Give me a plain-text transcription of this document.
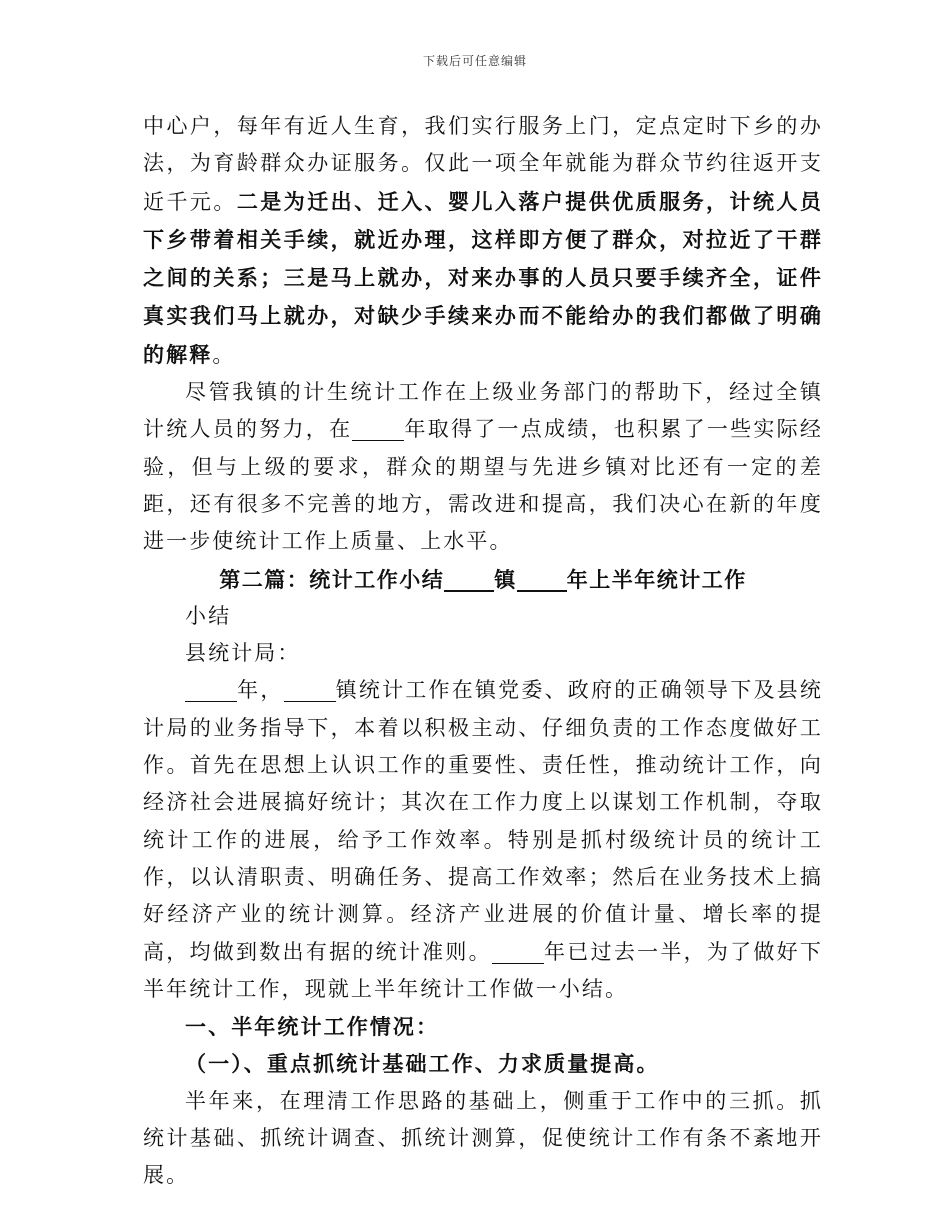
下载后可任意编辑

中心户，每年有近人生育，我们实行服务上门，定点定时下乡的办法，为育龄群众办证服务。仅此一项全年就能为群众节约往返开支近千元。二是为迁出、迁入、婴儿入落户提供优质服务，计统人员下乡带着相关手续，就近办理，这样即方便了群众，对拉近了干群之间的关系；三是马上就办，对来办事的人员只要手续齐全，证件真实我们马上就办，对缺少手续来办而不能给办的我们都做了明确的解释。

尽管我镇的计生统计工作在上级业务部门的帮助下，经过全镇计统人员的努力，在 年取得了一点成绩，也积累了一些实际经验，但与上级的要求，群众的期望与先进乡镇对比还有一定的差距，还有很多不完善的地方，需改进和提高，我们决心在新的年度进一步使统计工作上质量、上水平。

第二篇：统计工作小结 镇 年上半年统计工作

小结

县统计局：

年， 镇统计工作在镇党委、政府的正确领导下及县统计局的业务指导下，本着以积极主动、仔细负责的工作态度做好工作。首先在思想上认识工作的重要性、责任性，推动统计工作，向经济社会进展搞好统计；其次在工作力度上以谋划工作机制，夺取统计工作的进展，给予工作效率。特别是抓村级统计员的统计工作，以认清职责、明确任务、提高工作效率；然后在业务技术上搞好经济产业的统计测算。经济产业进展的价值计量、增长率的提高，均做到数出有据的统计准则。 年已过去一半，为了做好下半年统计工作，现就上半年统计工作做一小结。

一、半年统计工作情况：

（一）、重点抓统计基础工作、力求质量提高。

半年来，在理清工作思路的基础上，侧重于工作中的三抓。抓统计基础、抓统计调查、抓统计测算，促使统计工作有条不紊地开展。
